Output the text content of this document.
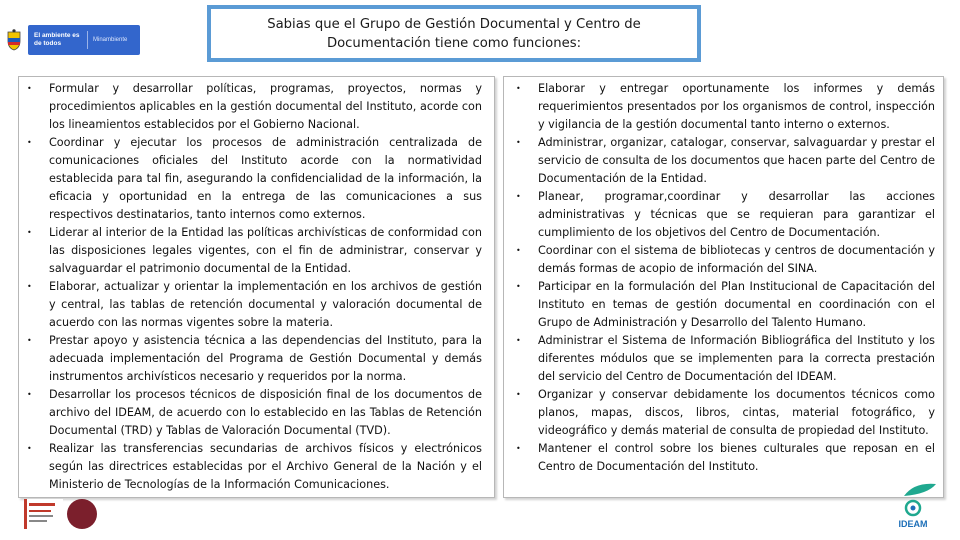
El ambiente es de todos	Minambiente
Sabias que el Grupo de Gestión Documental y Centro de Documentación tiene como funciones:
• Formular y desarrollar políticas, programas, proyectos, normas y procedimientos aplicables en la gestión documental del Instituto, acorde con los lineamientos establecidos por el Gobierno Nacional.
• Coordinar y ejecutar los procesos de administración centralizada de comunicaciones oficiales del Instituto acorde con la normatividad establecida para tal fin, asegurando la confidencialidad de la información, la eficacia y oportunidad en la entrega de las comunicaciones a sus respectivos destinatarios, tanto internos como externos.
• Liderar al interior de la Entidad las políticas archivísticas de conformidad con las disposiciones legales vigentes, con el fin de administrar, conservar y salvaguardar el patrimonio documental de la Entidad.
• Elaborar, actualizar y orientar la implementación en los archivos de gestión y central, las tablas de retención documental y valoración documental de acuerdo con las normas vigentes sobre la materia.
• Prestar apoyo y asistencia técnica a las dependencias del Instituto, para la adecuada implementación del Programa de Gestión Documental y demás instrumentos archivísticos necesario y requeridos por la norma.
• Desarrollar los procesos técnicos de disposición final de los documentos de archivo del IDEAM, de acuerdo con lo establecido en las Tablas de Retención Documental (TRD) y Tablas de Valoración Documental (TVD).
• Realizar las transferencias secundarias de archivos físicos y electrónicos según las directrices establecidas por el Archivo General de la Nación y el Ministerio de Tecnologías de la Información Comunicaciones.
• Elaborar y entregar oportunamente los informes y demás requerimientos presentados por los organismos de control, inspección y vigilancia de la gestión documental tanto interno o externos.
• Administrar, organizar, catalogar, conservar, salvaguardar y prestar el servicio de consulta de los documentos que hacen parte del Centro de Documentación de la Entidad.
• Planear, programar,coordinar y desarrollar las acciones administrativas y técnicas que se requieran para garantizar el cumplimiento de los objetivos del Centro de Documentación.
• Coordinar con el sistema de bibliotecas y centros de documentación y demás formas de acopio de información del SINA.
• Participar en la formulación del Plan Institucional de Capacitación del Instituto en temas de gestión documental en coordinación con el Grupo de Administración y Desarrollo del Talento Humano.
• Administrar el Sistema de Información Bibliográfica del Instituto y los diferentes módulos que se implementen para la correcta prestación del servicio del Centro de Documentación del IDEAM.
• Organizar y conservar debidamente los documentos técnicos como planos, mapas, discos, libros, cintas, material fotográfico, y videográfico y demás material de consulta de propiedad del Instituto.
• Mantener el control sobre los bienes culturales que reposan en el Centro de Documentación del Instituto.
IDEAM
